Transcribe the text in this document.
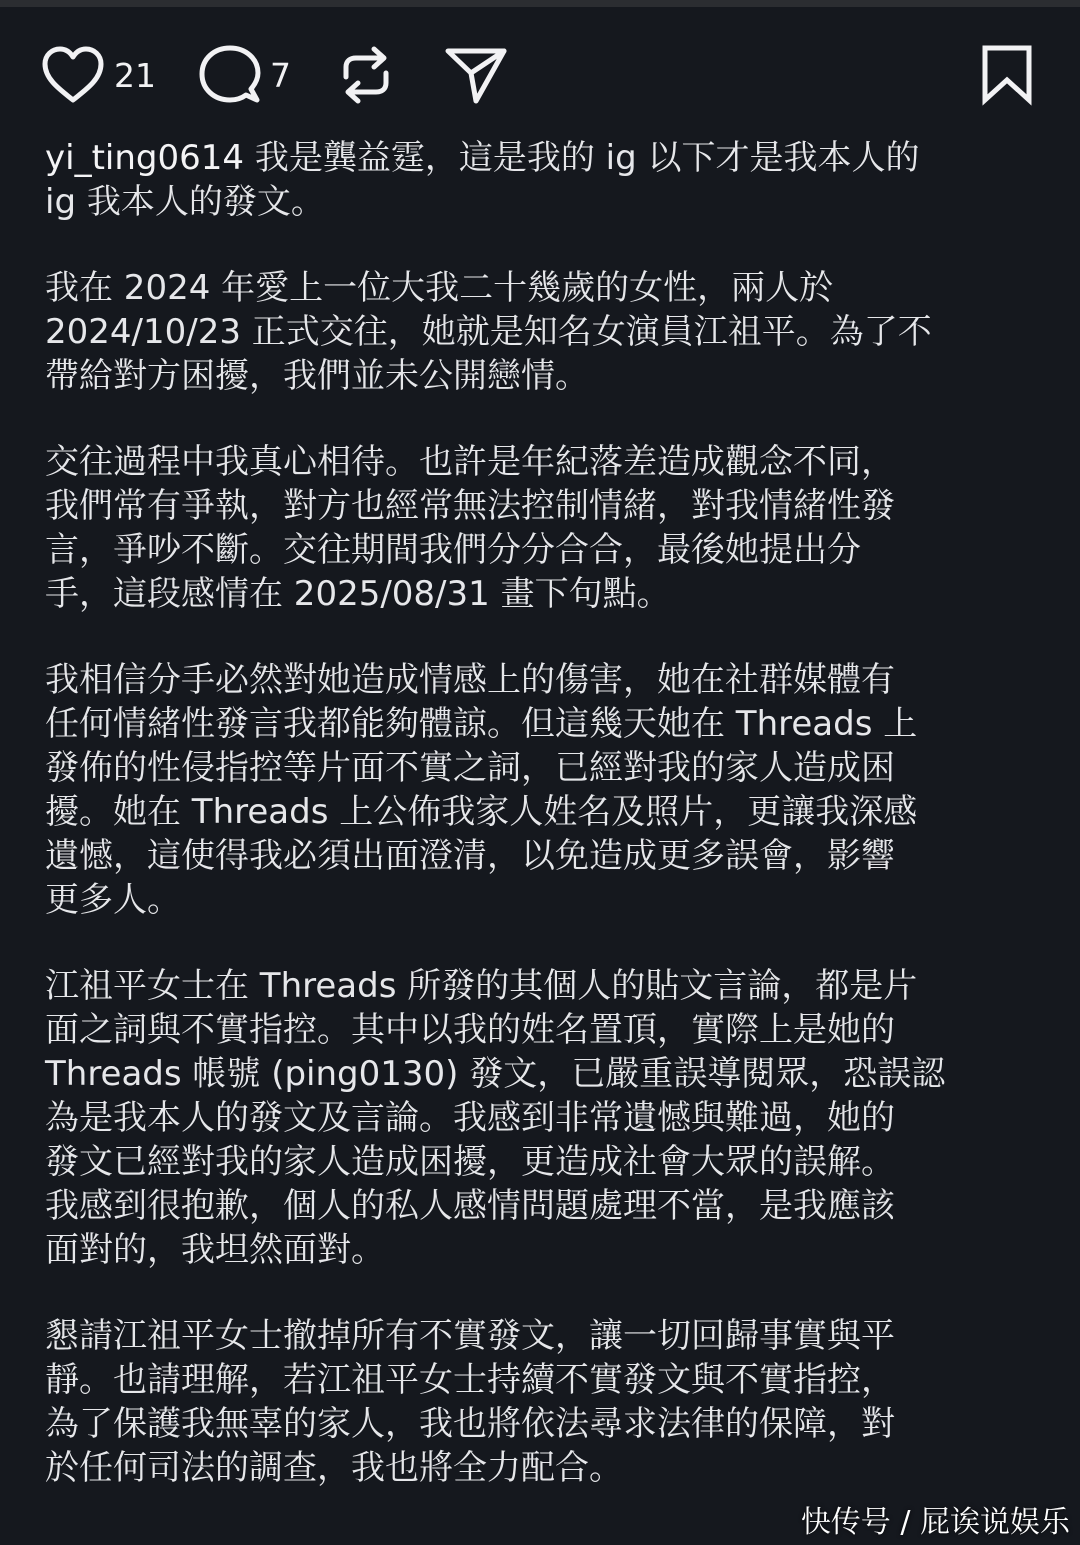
21	7

yi_ting0614 我是龔益霆，這是我的 ig 以下才是我本人的
ig 我本人的發文。

我在 2024 年愛上一位大我二十幾歲的女性，兩人於
2024/10/23 正式交往，她就是知名女演員江祖平。為了不
帶給對方困擾，我們並未公開戀情。

交往過程中我真心相待。也許是年紀落差造成觀念不同，
我們常有爭執，對方也經常無法控制情緒，對我情緒性發
言，爭吵不斷。交往期間我們分分合合，最後她提出分
手，這段感情在 2025/08/31 畫下句點。

我相信分手必然對她造成情感上的傷害，她在社群媒體有
任何情緒性發言我都能夠體諒。但這幾天她在 Threads 上
發佈的性侵指控等片面不實之詞，已經對我的家人造成困
擾。她在 Threads 上公佈我家人姓名及照片，更讓我深感
遺憾，這使得我必須出面澄清，以免造成更多誤會，影響
更多人。

江祖平女士在 Threads 所發的其個人的貼文言論，都是片
面之詞與不實指控。其中以我的姓名置頂，實際上是她的
Threads 帳號 (ping0130) 發文，已嚴重誤導閱眾，恐誤認
為是我本人的發文及言論。我感到非常遺憾與難過，她的
發文已經對我的家人造成困擾，更造成社會大眾的誤解。
我感到很抱歉，個人的私人感情問題處理不當，是我應該
面對的，我坦然面對。

懇請江祖平女士撤掉所有不實發文，讓一切回歸事實與平
靜。也請理解，若江祖平女士持續不實發文與不實指控，
為了保護我無辜的家人，我也將依法尋求法律的保障，對
於任何司法的調查，我也將全力配合。

快传号 / 屁诶说娱乐
